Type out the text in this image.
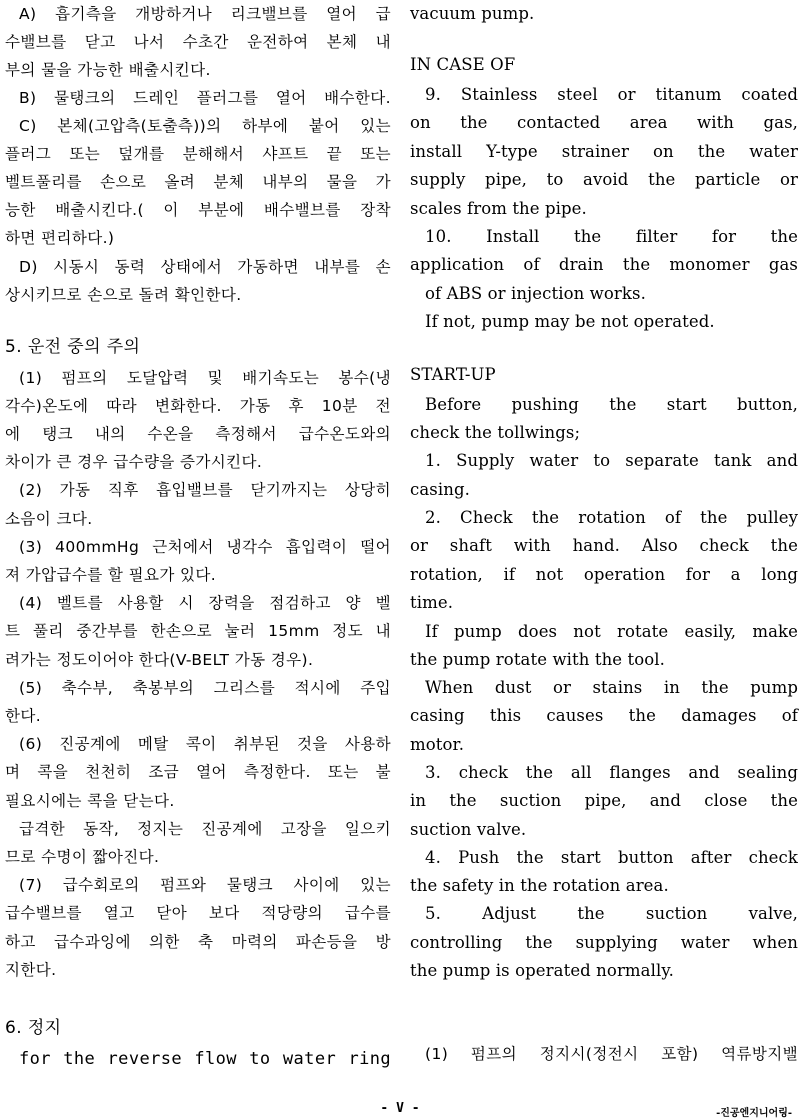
A) 흡기측을 개방하거나 리크밸브를 열어 급
수밸브를 닫고 나서 수초간 운전하여 본체 내
부의 물을 가능한 배출시킨다.
B) 물탱크의 드레인 플러그를 열어 배수한다.
C) 본체(고압측(토출측))의 하부에 붙어 있는
플러그 또는 덮개를 분해해서 샤프트 끝 또는
벨트풀리를 손으로 올려 분체 내부의 물을 가
능한 배출시킨다.( 이 부분에 배수밸브를 장착
하면 편리하다.)
D) 시동시 동력 상태에서 가동하면 내부를 손
상시키므로 손으로 돌려 확인한다.
5. 운전 중의 주의
(1) 펌프의 도달압력 및 배기속도는 봉수(냉
각수)온도에 따라 변화한다. 가동 후 10분 전
에 탱크 내의 수온을 측정해서 급수온도와의
차이가 큰 경우 급수량을 증가시킨다.
(2) 가동 직후 흡입밸브를 닫기까지는 상당히
소음이 크다.
(3) 400mmHg 근처에서 냉각수 흡입력이 떨어
져 가압급수를 할 필요가 있다.
(4) 벨트를 사용할 시 장력을 점검하고 양 벨
트 풀리 중간부를 한손으로 눌러 15mm 정도 내
려가는 정도이어야 한다(V-BELT 가동 경우).
(5) 축수부, 축봉부의 그리스를 적시에 주입
한다.
(6) 진공계에 메탈 콕이 취부된 것을 사용하
며 콕을 천천히 조금 열어 측정한다. 또는 불
필요시에는 콕을 닫는다.
급격한 동작, 정지는 진공계에 고장을 일으키
므로 수명이 짧아진다.
(7) 급수회로의 펌프와 물탱크 사이에 있는
급수밸브를 열고 닫아 보다 적당량의 급수를
하고 급수과잉에 의한 축 마력의 파손등을 방
지한다.
6. 정지
for the reverse flow to water ring
vacuum pump.
IN CASE OF
9. Stainless steel or titanum coated
on the contacted area with gas,
install Y-type strainer on the water
supply pipe, to avoid the particle or
scales from the pipe.
10. Install the filter for the
application of drain the monomer gas
of ABS or injection works.
If not, pump may be not operated.
START-UP
Before pushing the start button,
check the tollwings;
1. Supply water to separate tank and
casing.
2. Check the rotation of the pulley
or shaft with hand. Also check the
rotation, if not operation for a long
time.
If pump does not rotate easily, make
the pump rotate with the tool.
When dust or stains in the pump
casing this causes the damages of
motor.
3. check the all flanges and sealing
in the suction pipe, and close the
suction valve.
4. Push the start button after check
the safety in the rotation area.
5. Adjust the suction valve,
controlling the supplying water when
the pump is operated normally.
(1) 펌프의 정지시(정전시 포함) 역류방지밸
- V -	-진공엔지니어링-
